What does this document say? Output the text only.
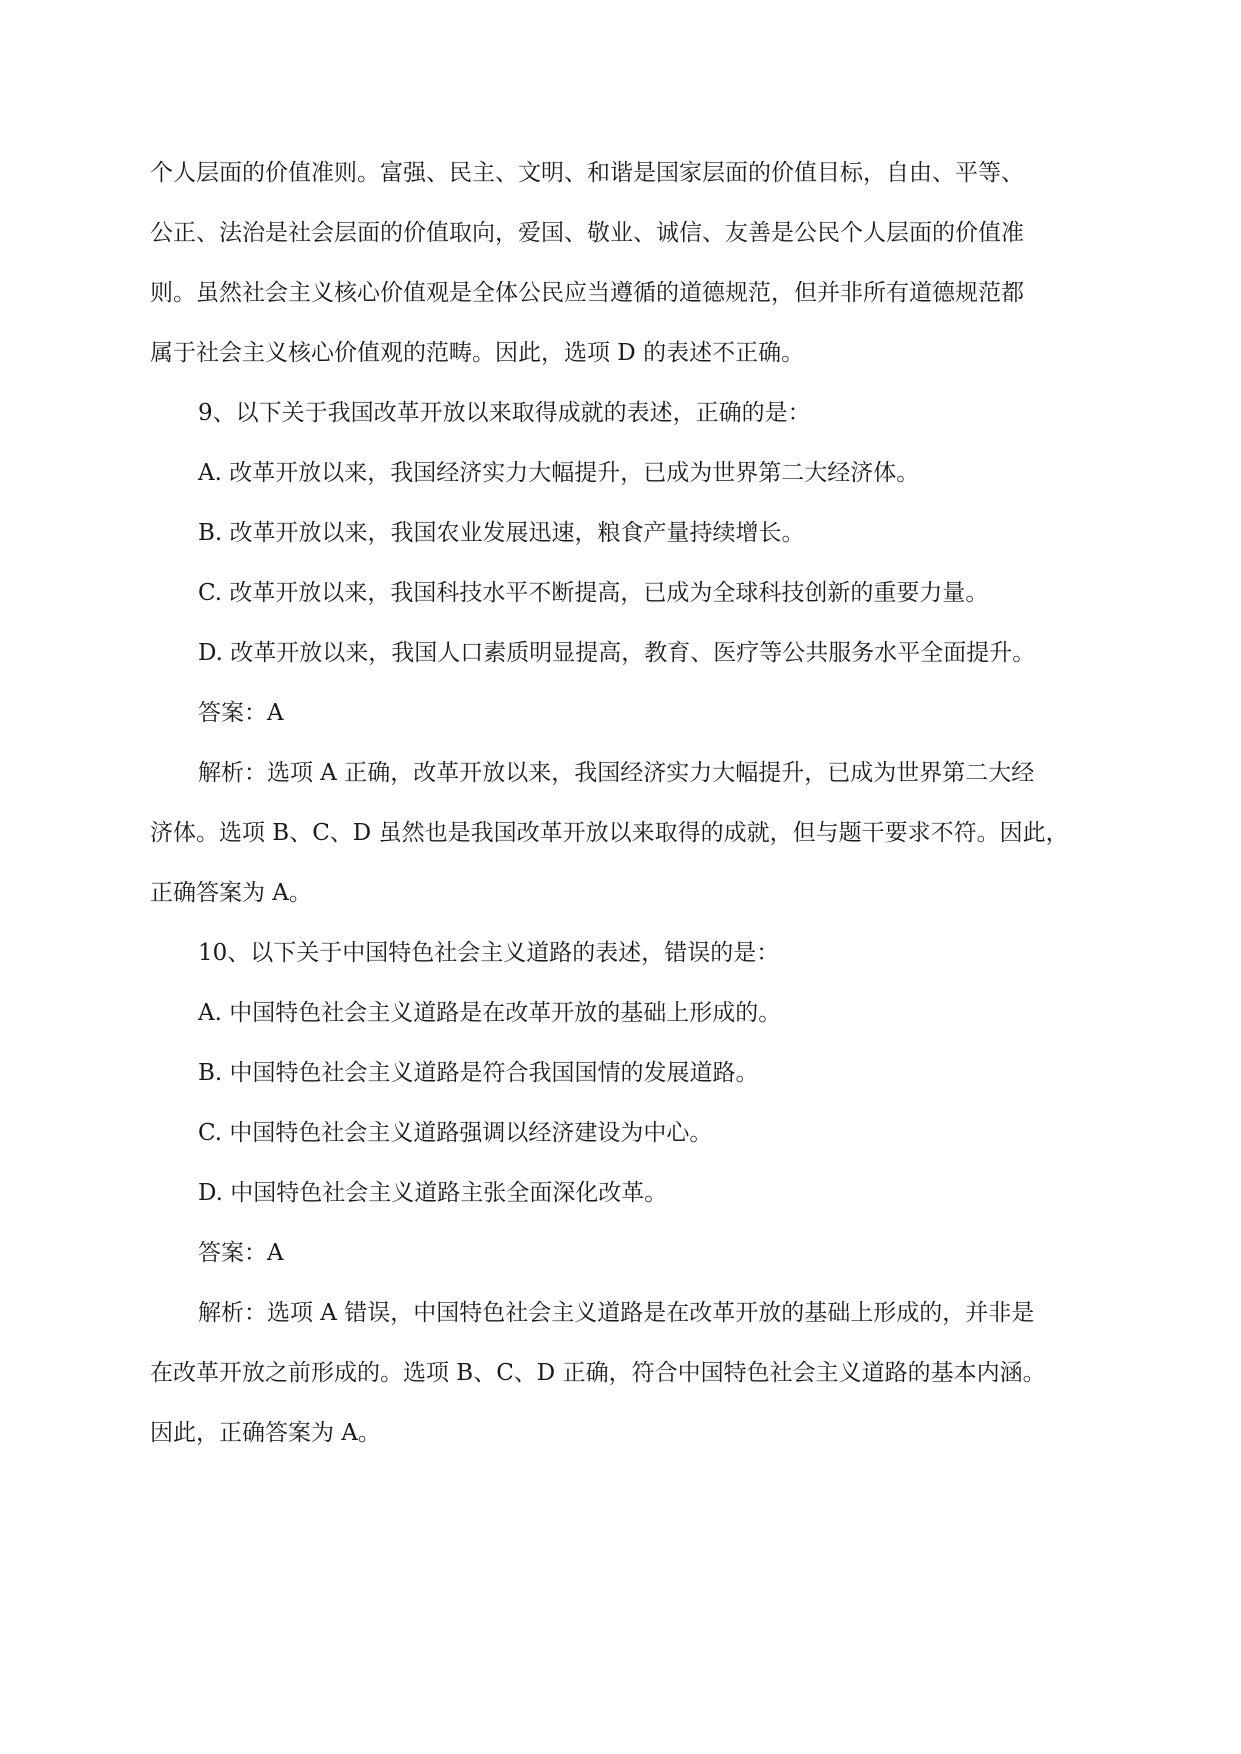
个人层面的价值准则。富强、民主、文明、和谐是国家层面的价值目标，自由、平等、
公正、法治是社会层面的价值取向，爱国、敬业、诚信、友善是公民个人层面的价值准
则。虽然社会主义核心价值观是全体公民应当遵循的道德规范，但并非所有道德规范都
属于社会主义核心价值观的范畴。因此，选项 D 的表述不正确。
9、以下关于我国改革开放以来取得成就的表述，正确的是：
A. 改革开放以来，我国经济实力大幅提升，已成为世界第二大经济体。
B. 改革开放以来，我国农业发展迅速，粮食产量持续增长。
C. 改革开放以来，我国科技水平不断提高，已成为全球科技创新的重要力量。
D. 改革开放以来，我国人口素质明显提高，教育、医疗等公共服务水平全面提升。
答案：A
解析：选项 A 正确，改革开放以来，我国经济实力大幅提升，已成为世界第二大经
济体。选项 B、C、D 虽然也是我国改革开放以来取得的成就，但与题干要求不符。因此，
正确答案为 A。
10、以下关于中国特色社会主义道路的表述，错误的是：
A. 中国特色社会主义道路是在改革开放的基础上形成的。
B. 中国特色社会主义道路是符合我国国情的发展道路。
C. 中国特色社会主义道路强调以经济建设为中心。
D. 中国特色社会主义道路主张全面深化改革。
答案：A
解析：选项 A 错误，中国特色社会主义道路是在改革开放的基础上形成的，并非是
在改革开放之前形成的。选项 B、C、D 正确，符合中国特色社会主义道路的基本内涵。
因此，正确答案为 A。
